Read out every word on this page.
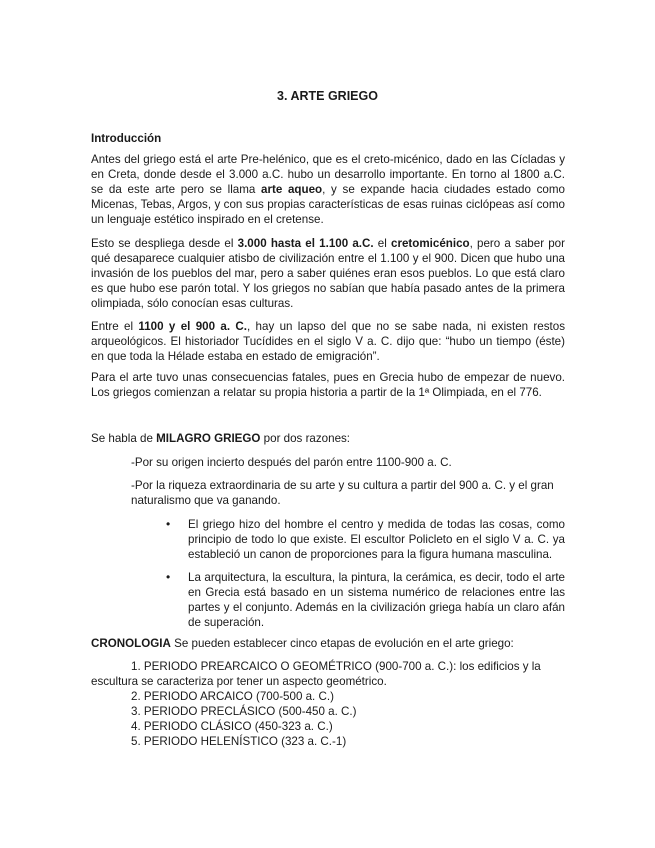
3. ARTE GRIEGO

Introducción

Antes del griego está el arte Pre-helénico, que es el creto-micénico, dado en las Cícladas y en Creta, donde desde el 3.000 a.C. hubo un desarrollo importante. En torno al 1800 a.C. se da este arte pero se llama arte aqueo, y se expande hacia ciudades estado como Micenas, Tebas, Argos, y con sus propias características de esas ruinas ciclópeas así como un lenguaje estético inspirado en el cretense.

Esto se despliega desde el 3.000 hasta el 1.100 a.C. el cretomicénico, pero a saber por qué desaparece cualquier atisbo de civilización entre el 1.100 y el 900. Dicen que hubo una invasión de los pueblos del mar, pero a saber quiénes eran esos pueblos. Lo que está claro es que hubo ese parón total. Y los griegos no sabían que había pasado antes de la primera olimpiada, sólo conocían esas culturas.

Entre el 1100 y el 900 a. C., hay un lapso del que no se sabe nada, ni existen restos arqueológicos. El historiador Tucídides en el siglo V a. C. dijo que: “hubo un tiempo (éste) en que toda la Hélade estaba en estado de emigración”.

Para el arte tuvo unas consecuencias fatales, pues en Grecia hubo de empezar de nuevo. Los griegos comienzan a relatar su propia historia a partir de la 1ª Olimpiada, en el 776.

Se habla de MILAGRO GRIEGO por dos razones:

-Por su origen incierto después del parón entre 1100-900 a. C.

-Por la riqueza extraordinaria de su arte y su cultura a partir del 900 a. C. y el gran naturalismo que va ganando.

• El griego hizo del hombre el centro y medida de todas las cosas, como principio de todo lo que existe. El escultor Policleto en el siglo V a. C. ya estableció un canon de proporciones para la figura humana masculina.

• La arquitectura, la escultura, la pintura, la cerámica, es decir, todo el arte en Grecia está basado en un sistema numérico de relaciones entre las partes y el conjunto. Además en la civilización griega había un claro afán de superación.

CRONOLOGIA Se pueden establecer cinco etapas de evolución en el arte griego:

1. PERIODO PREARCAICO O GEOMÉTRICO (900-700 a. C.): los edificios y la

escultura se caracteriza por tener un aspecto geométrico.

2. PERIODO ARCAICO (700-500 a. C.)

3. PERIODO PRECLÁSICO (500-450 a. C.)

4. PERIODO CLÁSICO (450-323 a. C.)

5. PERIODO HELENÍSTICO (323 a. C.-1)
